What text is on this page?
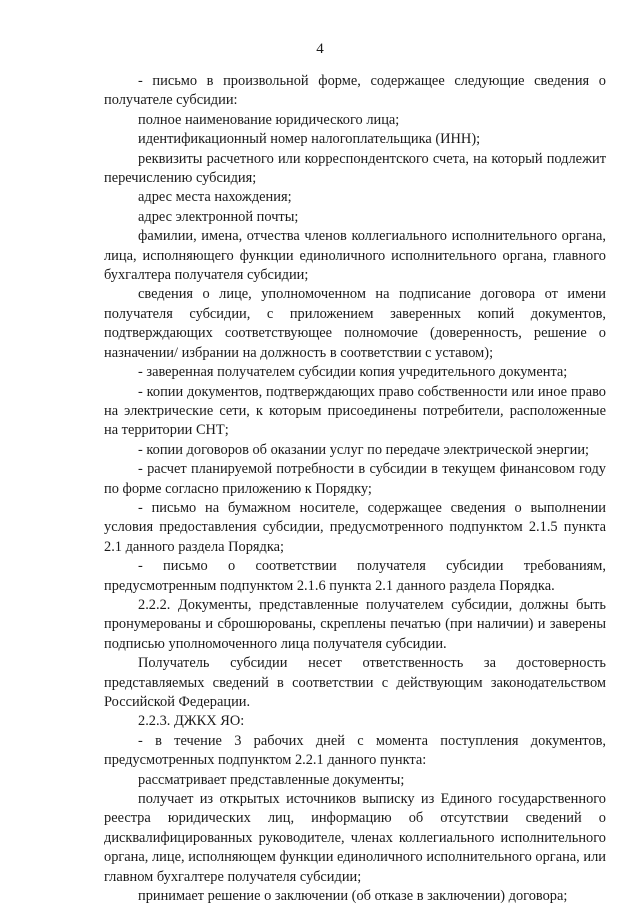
4

- письмо в произвольной форме, содержащее следующие сведения о получателе субсидии:

полное наименование юридического лица;

идентификационный номер налогоплательщика (ИНН);

реквизиты расчетного или корреспондентского счета, на который подлежит перечислению субсидия;

адрес места нахождения;

адрес электронной почты;

фамилии, имена, отчества членов коллегиального исполнительного органа, лица, исполняющего функции единоличного исполнительного органа, главного бухгалтера получателя субсидии;

сведения о лице, уполномоченном на подписание договора от имени получателя субсидии, с приложением заверенных копий документов, подтверждающих соответствующее полномочие (доверенность, решение о назначении/ избрании на должность в соответствии с уставом);

- заверенная получателем субсидии копия учредительного документа;

- копии документов, подтверждающих право собственности или иное право на электрические сети, к которым присоединены потребители, расположенные на территории СНТ;

- копии договоров об оказании услуг по передаче электрической энергии;

- расчет планируемой потребности в субсидии в текущем финансовом году по форме согласно приложению к Порядку;

- письмо на бумажном носителе, содержащее сведения о выполнении условия предоставления субсидии, предусмотренного подпунктом 2.1.5 пункта 2.1 данного раздела Порядка;

- письмо о соответствии получателя субсидии требованиям, предусмотренным подпунктом 2.1.6 пункта 2.1 данного раздела Порядка.

2.2.2. Документы, представленные получателем субсидии, должны быть пронумерованы и сброшюрованы, скреплены печатью (при наличии) и заверены подписью уполномоченного лица получателя субсидии.

Получатель субсидии несет ответственность за достоверность представляемых сведений в соответствии с действующим законодательством Российской Федерации.

2.2.3. ДЖКХ ЯО:

- в течение 3 рабочих дней с момента поступления документов, предусмотренных подпунктом 2.2.1 данного пункта:

рассматривает представленные документы;

получает из открытых источников выписку из Единого государственного реестра юридических лиц, информацию об отсутствии сведений о дисквалифицированных руководителе, членах коллегиального исполнительного органа, лице, исполняющем функции единоличного исполнительного органа, или главном бухгалтере получателя субсидии;

принимает решение о заключении (об отказе в заключении) договора;
